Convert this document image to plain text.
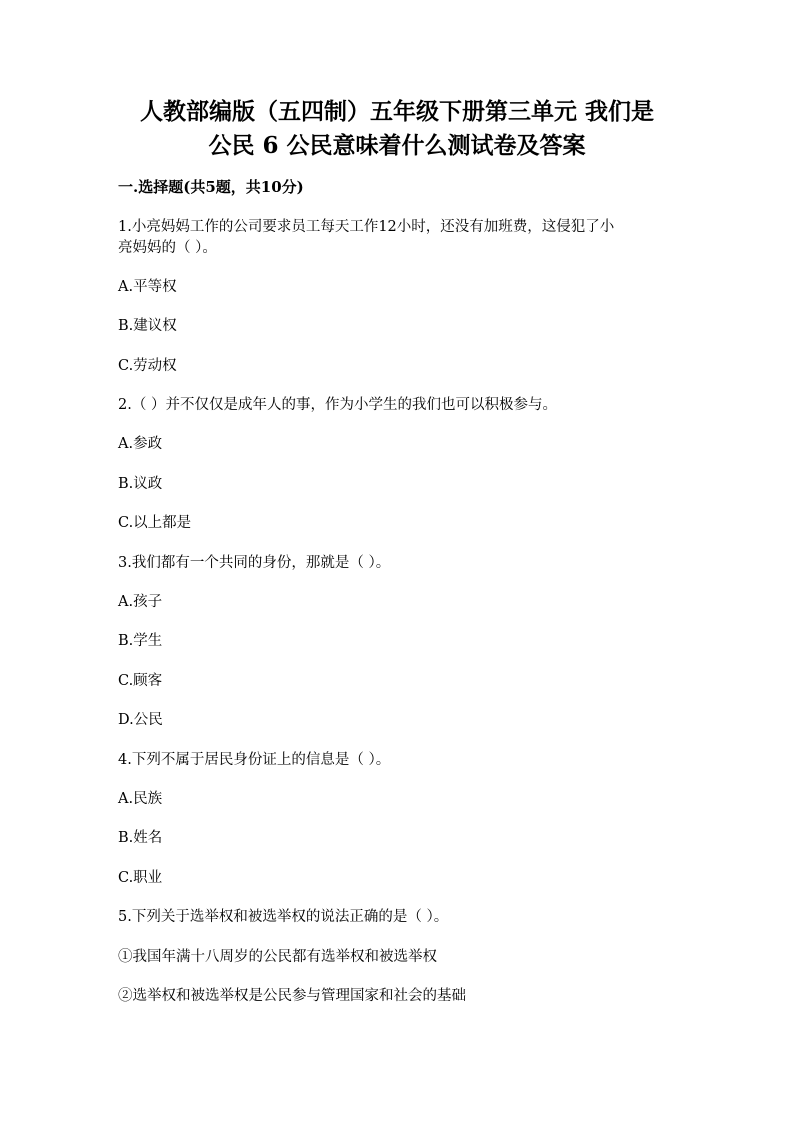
人教部编版（五四制）五年级下册第三单元 我们是
公民 6 公民意味着什么测试卷及答案
一.选择题(共5题，共10分)
1.小亮妈妈工作的公司要求员工每天工作12小时，还没有加班费，这侵犯了小
亮妈妈的（ ）。
A.平等权
B.建议权
C.劳动权
2.（ ）并不仅仅是成年人的事，作为小学生的我们也可以积极参与。
A.参政
B.议政
C.以上都是
3.我们都有一个共同的身份，那就是（ ）。
A.孩子
B.学生
C.顾客
D.公民
4.下列不属于居民身份证上的信息是（ ）。
A.民族
B.姓名
C.职业
5.下列关于选举权和被选举权的说法正确的是（ ）。
①我国年满十八周岁的公民都有选举权和被选举权
②选举权和被选举权是公民参与管理国家和社会的基础
